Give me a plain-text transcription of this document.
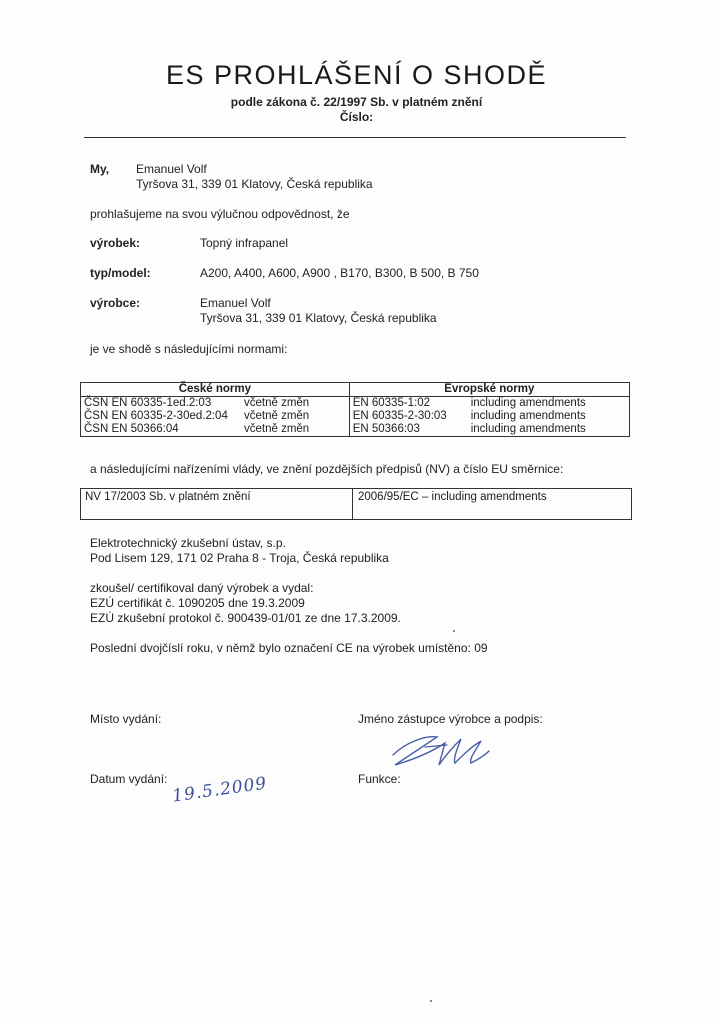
ES PROHLÁŠENÍ O SHODĚ
podle zákona č. 22/1997 Sb. v platném znění
Číslo:
My, Emanuel Volf
Tyršova 31, 339 01 Klatovy, Česká republika
prohlašujeme na svou výlučnou odpovědnost, že
výrobek:	Topný infrapanel
typ/model:	A200, A400, A600, A900 , B170, B300, B 500, B 750
výrobce:	Emanuel Volf
Tyršova 31, 339 01 Klatovy, Česká republika
je ve shodě s následujícími normami:
České normy	Evropské normy
ČSN EN 60335-1ed.2:03 včetně změn	EN 60335-1:02 including amendments
ČSN EN 60335-2-30ed.2:04 včetně změn	EN 60335-2-30:03 including amendments
ČSN EN 50366:04 včetně změn	EN 50366:03 including amendments
a následujícími nařízeními vlády, ve znění pozdějších předpisů (NV) a číslo EU směrnice:
NV 17/2003 Sb. v platném znění	2006/95/EC – including amendments
Elektrotechnický zkušební ústav, s.p.
Pod Lisem 129, 171 02 Praha 8 - Troja, Česká republika
zkoušel/ certifikoval daný výrobek a vydal:
EZÚ certifikát č. 1090205 dne 19.3.2009
EZÚ zkušební protokol č. 900439-01/01 ze dne 17.3.2009.
Poslední dvojčíslí roku, v němž bylo označení CE na výrobek umístěno: 09
Místo vydání:	Jméno zástupce výrobce a podpis:
Datum vydání: 19.5.2009	Funkce:
